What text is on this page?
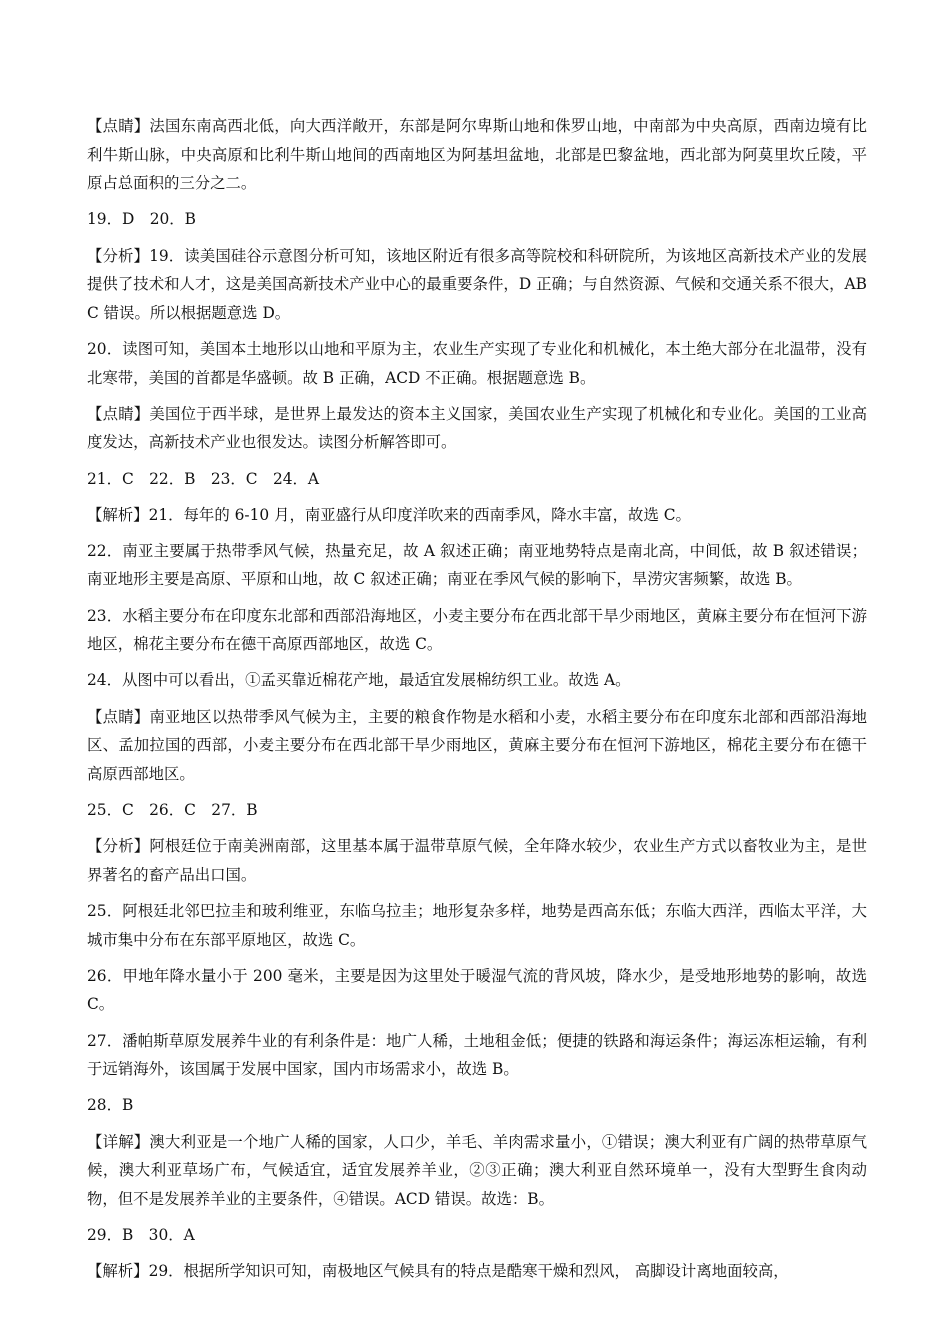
【点睛】法国东南高西北低，向大西洋敞开，东部是阿尔卑斯山地和侏罗山地，中南部为中央高原，西南边境有比利牛斯山脉，中央高原和比利牛斯山地间的西南地区为阿基坦盆地，北部是巴黎盆地，西北部为阿莫里坎丘陵，平原占总面积的三分之二。

19．D　20．B

【分析】19．读美国硅谷示意图分析可知，该地区附近有很多高等院校和科研院所，为该地区高新技术产业的发展提供了技术和人才，这是美国高新技术产业中心的最重要条件，D 正确；与自然资源、气候和交通关系不很大，ABC 错误。所以根据题意选 D。

20．读图可知，美国本土地形以山地和平原为主，农业生产实现了专业化和机械化，本土绝大部分在北温带，没有北寒带，美国的首都是华盛顿。故 B 正确，ACD 不正确。根据题意选 B。

【点睛】美国位于西半球，是世界上最发达的资本主义国家，美国农业生产实现了机械化和专业化。美国的工业高度发达，高新技术产业也很发达。读图分析解答即可。

21．C　22．B　23．C　24．A

【解析】21．每年的 6-10 月，南亚盛行从印度洋吹来的西南季风，降水丰富，故选 C。

22．南亚主要属于热带季风气候，热量充足，故 A 叙述正确；南亚地势特点是南北高，中间低，故 B 叙述错误；南亚地形主要是高原、平原和山地，故 C 叙述正确；南亚在季风气候的影响下，旱涝灾害频繁，故选 B。

23．水稻主要分布在印度东北部和西部沿海地区，小麦主要分布在西北部干旱少雨地区，黄麻主要分布在恒河下游地区，棉花主要分布在德干高原西部地区，故选 C。

24．从图中可以看出，①孟买靠近棉花产地，最适宜发展棉纺织工业。故选 A。

【点睛】南亚地区以热带季风气候为主，主要的粮食作物是水稻和小麦，水稻主要分布在印度东北部和西部沿海地区、孟加拉国的西部，小麦主要分布在西北部干旱少雨地区，黄麻主要分布在恒河下游地区，棉花主要分布在德干高原西部地区。

25．C　26．C　27．B

【分析】阿根廷位于南美洲南部，这里基本属于温带草原气候，全年降水较少，农业生产方式以畜牧业为主，是世界著名的畜产品出口国。

25．阿根廷北邻巴拉圭和玻利维亚，东临乌拉圭；地形复杂多样，地势是西高东低；东临大西洋，西临太平洋，大城市集中分布在东部平原地区，故选 C。

26．甲地年降水量小于 200 毫米，主要是因为这里处于暖湿气流的背风坡，降水少，是受地形地势的影响，故选 C。

27．潘帕斯草原发展养牛业的有利条件是：地广人稀，土地租金低；便捷的铁路和海运条件；海运冻柜运输，有利于远销海外，该国属于发展中国家，国内市场需求小，故选 B。

28．B

【详解】澳大利亚是一个地广人稀的国家，人口少，羊毛、羊肉需求量小，①错误；澳大利亚有广阔的热带草原气候，澳大利亚草场广布，气候适宜，适宜发展养羊业，②③正确；澳大利亚自然环境单一，没有大型野生食肉动物，但不是发展养羊业的主要条件，④错误。ACD 错误。故选：B。

29．B　30．A

【解析】29．根据所学知识可知，南极地区气候具有的特点是酷寒干燥和烈风， 高脚设计离地面较高，
